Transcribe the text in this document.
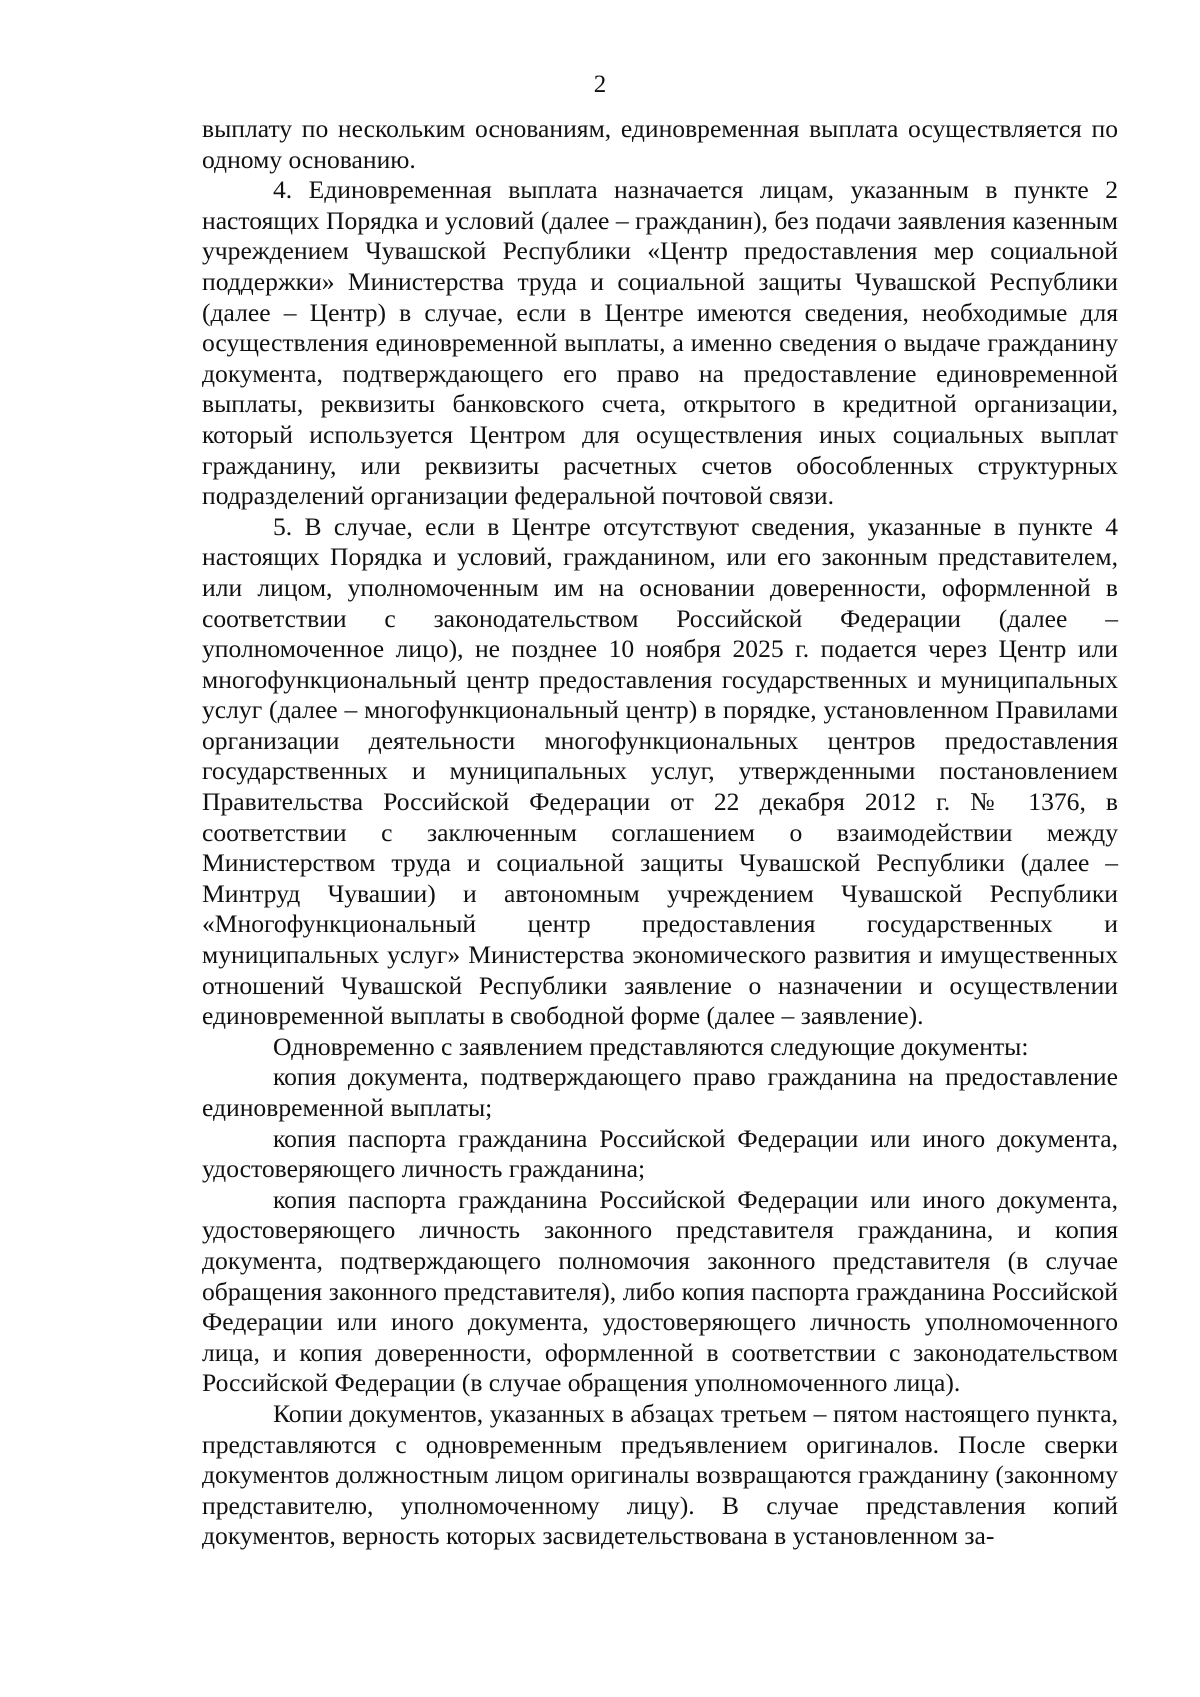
2

выплату по нескольким основаниям, единовременная выплата осуществляется по одному основанию.

4. Единовременная выплата назначается лицам, указанным в пункте 2 настоящих Порядка и условий (далее – гражданин), без подачи заявления казенным учреждением Чувашской Республики «Центр предоставления мер социальной поддержки» Министерства труда и социальной защиты Чувашской Республики (далее – Центр) в случае, если в Центре имеются сведения, необходимые для осуществления единовременной выплаты, а именно сведения о выдаче гражданину документа, подтверждающего его право на предоставление единовременной выплаты, реквизиты банковского счета, открытого в кредитной организации, который используется Центром для осуществления иных социальных выплат гражданину, или реквизиты расчетных счетов обособленных структурных подразделений организации федеральной почтовой связи.

5. В случае, если в Центре отсутствуют сведения, указанные в пункте 4 настоящих Порядка и условий, гражданином, или его законным представителем, или лицом, уполномоченным им на основании доверенности, оформленной в соответствии с законодательством Российской Федерации (далее – уполномоченное лицо), не позднее 10 ноября 2025 г. подается через Центр или многофункциональный центр предоставления государственных и муниципальных услуг (далее – многофункциональный центр) в порядке, установленном Правилами организации деятельности многофункциональных центров предоставления государственных и муниципальных услуг, утвержденными постановлением Правительства Российской Федерации от 22 декабря 2012 г. № 1376, в соответствии с заключенным соглашением о взаимодействии между Министерством труда и социальной защиты Чувашской Республики (далее – Минтруд Чувашии) и автономным учреждением Чувашской Республики «Многофункциональный центр предоставления государственных и муниципальных услуг» Министерства экономического развития и имущественных отношений Чувашской Республики заявление о назначении и осуществлении единовременной выплаты в свободной форме (далее – заявление).

Одновременно с заявлением представляются следующие документы:

копия документа, подтверждающего право гражданина на предоставление единовременной выплаты;

копия паспорта гражданина Российской Федерации или иного документа, удостоверяющего личность гражданина;

копия паспорта гражданина Российской Федерации или иного документа, удостоверяющего личность законного представителя гражданина, и копия документа, подтверждающего полномочия законного представителя (в случае обращения законного представителя), либо копия паспорта гражданина Российской Федерации или иного документа, удостоверяющего личность уполномоченного лица, и копия доверенности, оформленной в соответствии с законодательством Российской Федерации (в случае обращения уполномоченного лица).

Копии документов, указанных в абзацах третьем – пятом настоящего пункта, представляются с одновременным предъявлением оригиналов. После сверки документов должностным лицом оригиналы возвращаются гражданину (законному представителю, уполномоченному лицу). В случае представления копий документов, верность которых засвидетельствована в установленном за-
